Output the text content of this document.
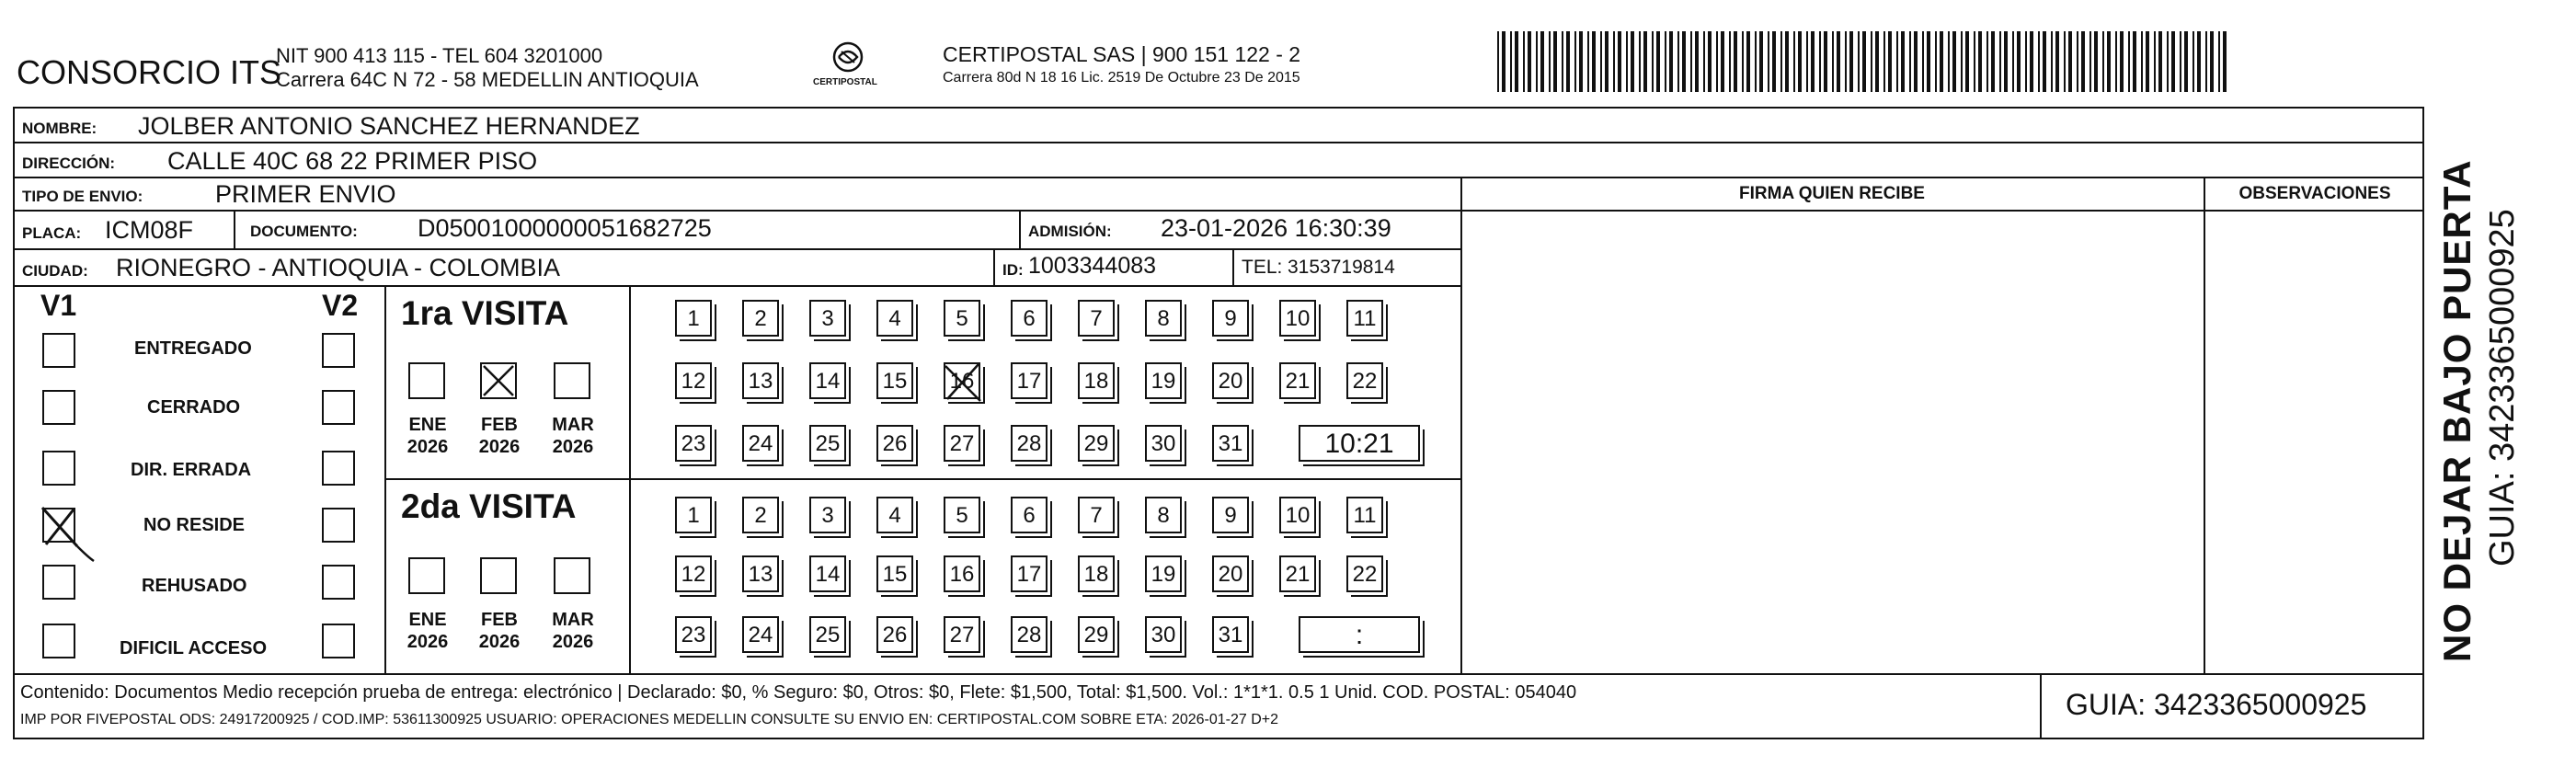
CONSORCIO ITS
NIT 900 413 115 - TEL 604 3201000
Carrera 64C N 72 - 58 MEDELLIN ANTIOQUIA	CERTIPOSTAL
CERTIPOSTAL SAS | 900 151 122 - 2
Carrera 80d N 18 16 Lic. 2519 De Octubre 23 De 2015
NOMBRE: JOLBER ANTONIO SANCHEZ HERNANDEZ
DIRECCIÓN: CALLE 40C 68 22 PRIMER PISO
TIPO DE ENVIO:	PRIMER ENVIO
PLACA: ICM08F	DOCUMENTO: D05001000000051682725	ADMISIÓN: 23-01-2026 16:30:39
CIUDAD: RIONEGRO - ANTIOQUIA - COLOMBIA	ID: 1003344083	TEL: 3153719814
FIRMA QUIEN RECIBE	OBSERVACIONES
V1	V2
ENTREGADO
CERRADO
DIR. ERRADA
NO RESIDE
REHUSADO
DIFICIL ACCESO
1ra VISITA
2da VISITA
ENE
2026
FEB
2026
MAR
2026
ENE
2026
FEB
2026
MAR
2026
1	2	3	4	5	6	7	8	9	10	11
12 13 14 15 16 17 18 19 20 21 22
23 24 25 26 27 28 29 30 31	10:21
1	2	3	4	5	6	7	8	9	10	11
12 13 14 15 16 17 18 19 20 21 22
23 24 25 26 27 28 29 30 31	:
Contenido: Documentos Medio recepción prueba de entrega: electrónico | Declarado: $0, % Seguro: $0, Otros: $0, Flete: $1,500, Total: $1,500. Vol.: 1*1*1. 0.5 1 Unid. COD. POSTAL: 054040
IMP POR FIVEPOSTAL ODS: 24917200925 / COD.IMP: 53611300925 USUARIO: OPERACIONES MEDELLIN CONSULTE SU ENVIO EN: CERTIPOSTAL.COM SOBRE ETA: 2026-01-27 D+2	GUIA: 3423365000925
NO DEJAR BAJO PUERTA GUIA: 3423365000925
